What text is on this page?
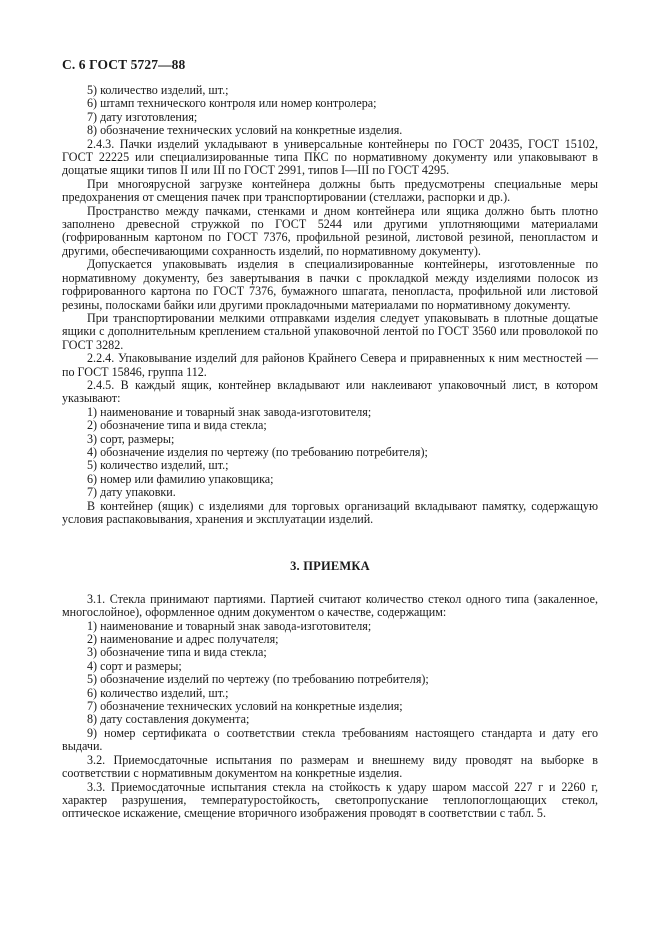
С. 6 ГОСТ 5727—88

5) количество изделий, шт.;

6) штамп технического контроля или номер контролера;

7) дату изготовления;

8) обозначение технических условий на конкретные изделия.

2.4.3. Пачки изделий укладывают в универсальные контейнеры по ГОСТ 20435, ГОСТ 15102, ГОСТ 22225 или специализированные типа ПКС по нормативному документу или упаковывают в дощатые ящики типов II или III по ГОСТ 2991, типов I—III по ГОСТ 4295.

При многоярусной загрузке контейнера должны быть предусмотрены специальные меры предохранения от смещения пачек при транспортировании (стеллажи, распорки и др.).

Пространство между пачками, стенками и дном контейнера или ящика должно быть плотно заполнено древесной стружкой по ГОСТ 5244 или другими уплотняющими материалами (гофрированным картоном по ГОСТ 7376, профильной резиной, листовой резиной, пенопластом и другими, обеспечивающими сохранность изделий, по нормативному документу).

Допускается упаковывать изделия в специализированные контейнеры, изготовленные по нормативному документу, без завертывания в пачки с прокладкой между изделиями полосок из гофрированного картона по ГОСТ 7376, бумажного шпагата, пенопласта, профильной или листовой резины, полосками байки или другими прокладочными материалами по нормативному документу.

При транспортировании мелкими отправками изделия следует упаковывать в плотные дощатые ящики с дополнительным креплением стальной упаковочной лентой по ГОСТ 3560 или проволокой по ГОСТ 3282.

2.2.4. Упаковывание изделий для районов Крайнего Севера и приравненных к ним местностей — по ГОСТ 15846, группа 112.

2.4.5. В каждый ящик, контейнер вкладывают или наклеивают упаковочный лист, в котором указывают:

1) наименование и товарный знак завода-изготовителя;

2) обозначение типа и вида стекла;

3) сорт, размеры;

4) обозначение изделия по чертежу (по требованию потребителя);

5) количество изделий, шт.;

6) номер или фамилию упаковщика;

7) дату упаковки.

В контейнер (ящик) с изделиями для торговых организаций вкладывают памятку, содержащую условия распаковывания, хранения и эксплуатации изделий.

3. ПРИЕМКА

3.1. Стекла принимают партиями. Партией считают количество стекол одного типа (закаленное, многослойное), оформленное одним документом о качестве, содержащим:

1) наименование и товарный знак завода-изготовителя;

2) наименование и адрес получателя;

3) обозначение типа и вида стекла;

4) сорт и размеры;

5) обозначение изделий по чертежу (по требованию потребителя);

6) количество изделий, шт.;

7) обозначение технических условий на конкретные изделия;

8) дату составления документа;

9) номер сертификата о соответствии стекла требованиям настоящего стандарта и дату его выдачи.

3.2. Приемосдаточные испытания по размерам и внешнему виду проводят на выборке в соответствии с нормативным документом на конкретные изделия.

3.3. Приемосдаточные испытания стекла на стойкость к удару шаром массой 227 г и 2260 г, характер разрушения, температуростойкость, светопропускание теплопоглощающих стекол, оптическое искажение, смещение вторичного изображения проводят в соответствии с табл. 5.
